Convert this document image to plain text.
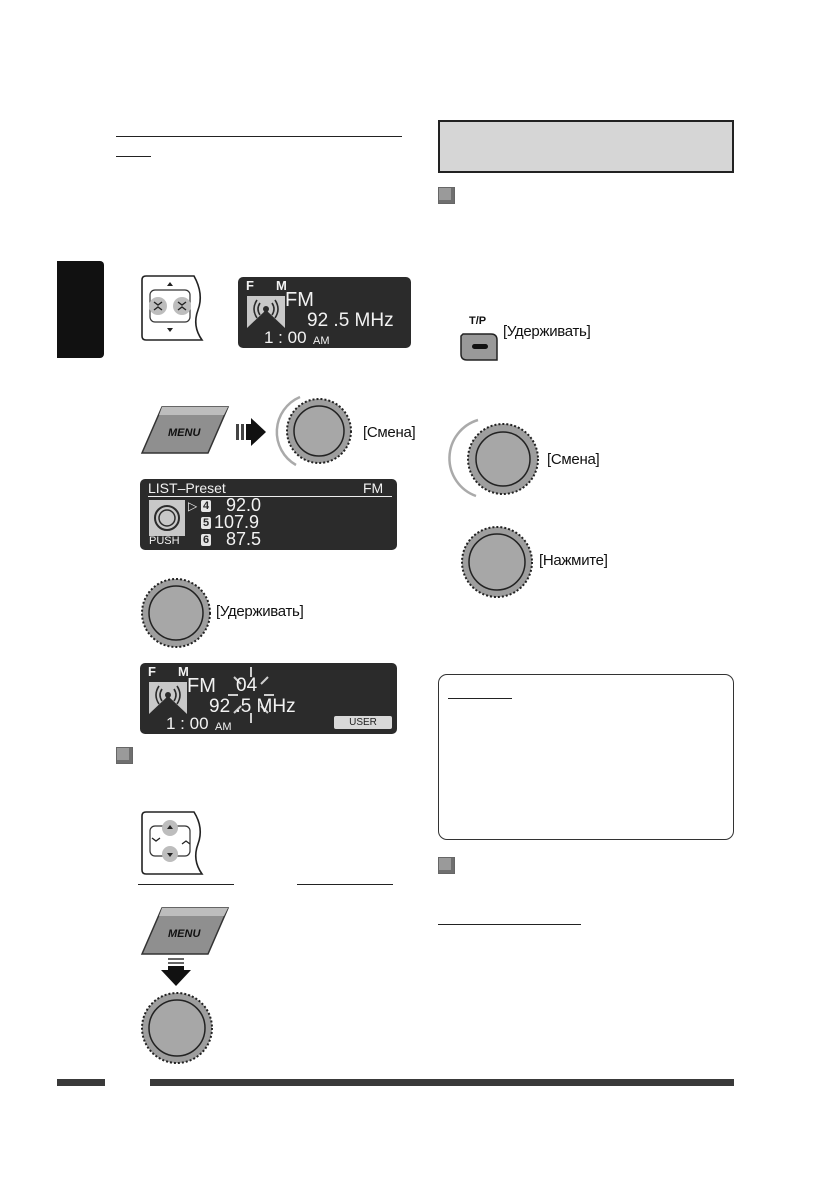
F M
FM
92 .5 MHz
1 : 00 AM
MENU	[Смена]
LIST–Preset	FM
PUSH
▷ 4 92.0
5 107.9
6 87.5
[Удерживать]
F M
FM 04
92 .5 MHz
1 : 00 AM	USER
MENU
T/P
[Удерживать]
[Смена]
[Нажмите]
